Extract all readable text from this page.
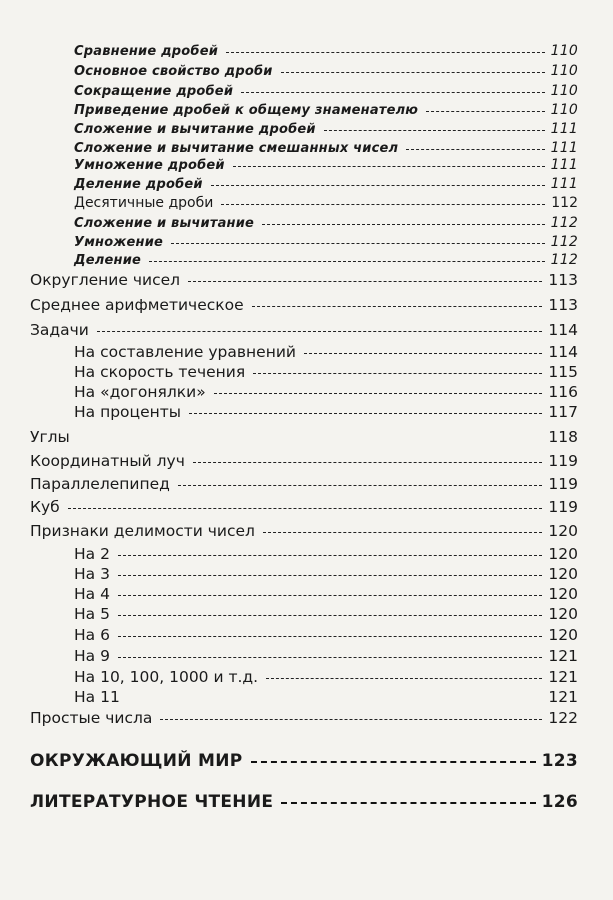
Сравнение дробей	110
Основное свойство дроби	110
Сокращение дробей	110
Приведение дробей к общему знаменателю	110
Сложение и вычитание дробей	111
Сложение и вычитание смешанных чисел	111
Умножение дробей	111
Деление дробей	111
Десятичные дроби	112
Сложение и вычитание	112
Умножение	112
Деление	112
Округление чисел	113
Среднее арифметическое	113
Задачи	114
На составление уравнений	114
На скорость течения	115
На «догонялки»	116
На проценты	117
Углы	118
Координатный луч	119
Параллелепипед	119
Куб	119
Признаки делимости чисел	120
На 2	120
На 3	120
На 4	120
На 5	120
На 6	120
На 9	121
На 10, 100, 1000 и т.д.	121
На 11	121
Простые числа	122
ОКРУЖАЮЩИЙ МИР	123
ЛИТЕРАТУРНОЕ ЧТЕНИЕ	126
